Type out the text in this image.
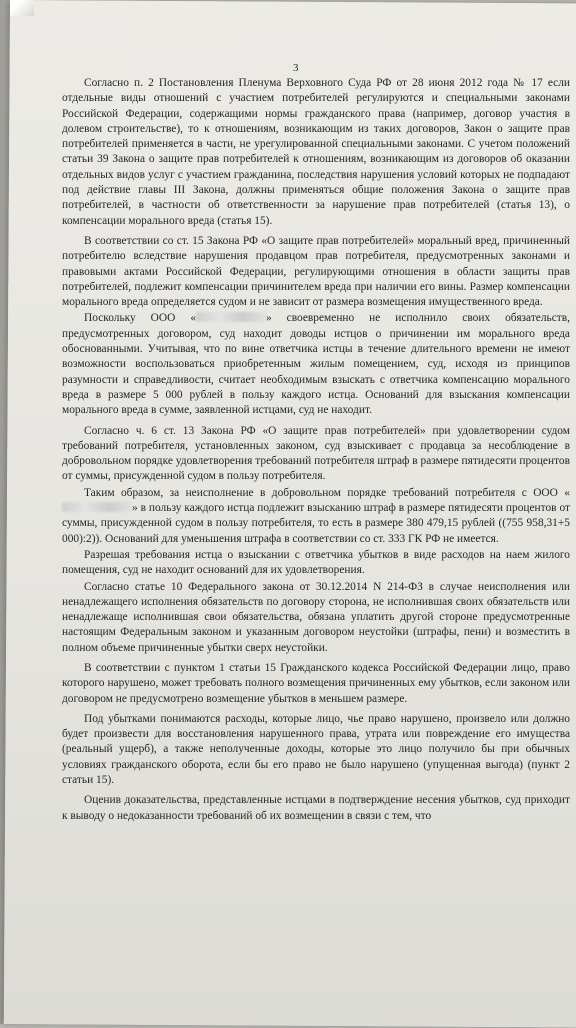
3

Согласно п. 2 Постановления Пленума Верховного Суда РФ от 28 июня 2012 года № 17 если отдельные виды отношений с участием потребителей регулируются и специальными законами Российской Федерации, содержащими нормы гражданского права (например, договор участия в долевом строительстве), то к отношениям, возникающим из таких договоров, Закон о защите прав потребителей применяется в части, не урегулированной специальными законами. С учетом положений статьи 39 Закона о защите прав потребителей к отношениям, возникающим из договоров об оказании отдельных видов услуг с участием гражданина, последствия нарушения условий которых не подпадают под действие главы III Закона, должны применяться общие положения Закона о защите прав потребителей, в частности об ответственности за нарушение прав потребителей (статья 13), о компенсации морального вреда (статья 15).

В соответствии со ст. 15 Закона РФ «О защите прав потребителей» моральный вред, причиненный потребителю вследствие нарушения продавцом прав потребителя, предусмотренных законами и правовыми актами Российской Федерации, регулирующими отношения в области защиты прав потребителей, подлежит компенсации причинителем вреда при наличии его вины. Размер компенсации морального вреда определяется судом и не зависит от размера возмещения имущественного вреда.

Поскольку ООО «	» своевременно не исполнило своих обязательств, предусмотренных договором, суд находит доводы истцов о причинении им морального вреда обоснованными. Учитывая, что по вине ответчика истцы в течение длительного времени не имеют возможности воспользоваться приобретенным жилым помещением, суд, исходя из принципов разумности и справедливости, считает необходимым взыскать с ответчика компенсацию морального вреда в размере 5 000 рублей в пользу каждого истца. Оснований для взыскания компенсации морального вреда в сумме, заявленной истцами, суд не находит.

Согласно ч. 6 ст. 13 Закона РФ «О защите прав потребителей» при удовлетворении судом требований потребителя, установленных законом, суд взыскивает с продавца за несоблюдение в добровольном порядке удовлетворения требований потребителя штраф в размере пятидесяти процентов от суммы, присужденной судом в пользу потребителя.

Таким образом, за неисполнение в добровольном порядке требований потребителя с ООО «» в пользу каждого истца подлежит взысканию штраф в размере пятидесяти процентов от суммы, присужденной судом в пользу потребителя, то есть в размере 380 479,15 рублей ((755 958,31+5 000):2)). Оснований для уменьшения штрафа в соответствии со ст. 333 ГК РФ не имеется.

Разрешая требования истца о взыскании с ответчика убытков в виде расходов на наем жилого помещения, суд не находит оснований для их удовлетворения.

Согласно статье 10 Федерального закона от 30.12.2014 N 214-ФЗ в случае неисполнения или ненадлежащего исполнения обязательств по договору сторона, не исполнившая своих обязательств или ненадлежаще исполнившая свои обязательства, обязана уплатить другой стороне предусмотренные настоящим Федеральным законом и указанным договором неустойки (штрафы, пени) и возместить в полном объеме причиненные убытки сверх неустойки.

В соответствии с пунктом 1 статьи 15 Гражданского кодекса Российской Федерации лицо, право которого нарушено, может требовать полного возмещения причиненных ему убытков, если законом или договором не предусмотрено возмещение убытков в меньшем размере.

Под убытками понимаются расходы, которые лицо, чье право нарушено, произвело или должно будет произвести для восстановления нарушенного права, утрата или повреждение его имущества (реальный ущерб), а также неполученные доходы, которые это лицо получило бы при обычных условиях гражданского оборота, если бы его право не было нарушено (упущенная выгода) (пункт 2 статьи 15).

Оценив доказательства, представленные истцами в подтверждение несения убытков, суд приходит к выводу о недоказанности требований об их возмещении в связи с тем, что
